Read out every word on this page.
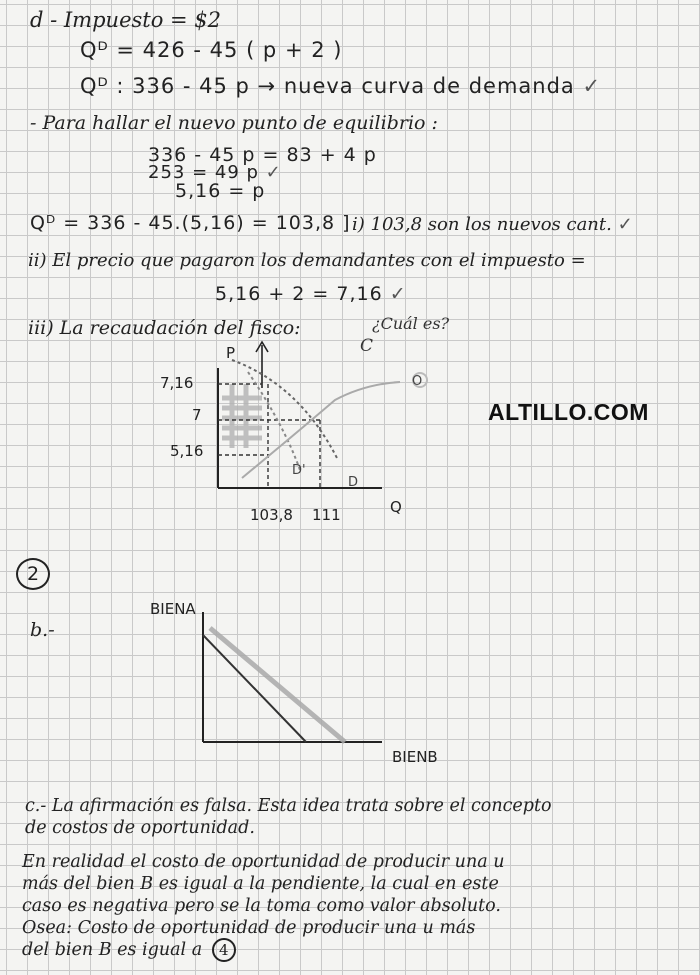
d - Impuesto = $2
Qᴰ = 426 - 45 ( p + 2 )
Qᴰ : 336 - 45 p → nueva curva de demanda ✓
- Para hallar el nuevo punto de equilibrio :
336 - 45 p = 83 + 4 p
253 = 49 p ✓
5,16 = p
Qᴰ = 336 - 45.(5,16) = 103,8 ] i) 103,8 son los nuevos cant. ✓
ii) El precio que pagaron los demandantes con el impuesto =
5,16 + 2 = 7,16 ✓
iii) La recaudación del fisco:
C
¿Cuál es?
ALTILLO.COM
P
Q
7,16
7
5,16
103,8 111
D'
D
O
BIENA
BIENB
2
b.-
c.- La afirmación es falsa. Esta idea trata sobre el concepto
de costos de oportunidad.
En realidad el costo de oportunidad de producir una u
más del bien B es igual a la pendiente, la cual en este
caso es negativa pero se la toma como valor absoluto.
Osea: Costo de oportunidad de producir una u más
del bien B es igual a 4
